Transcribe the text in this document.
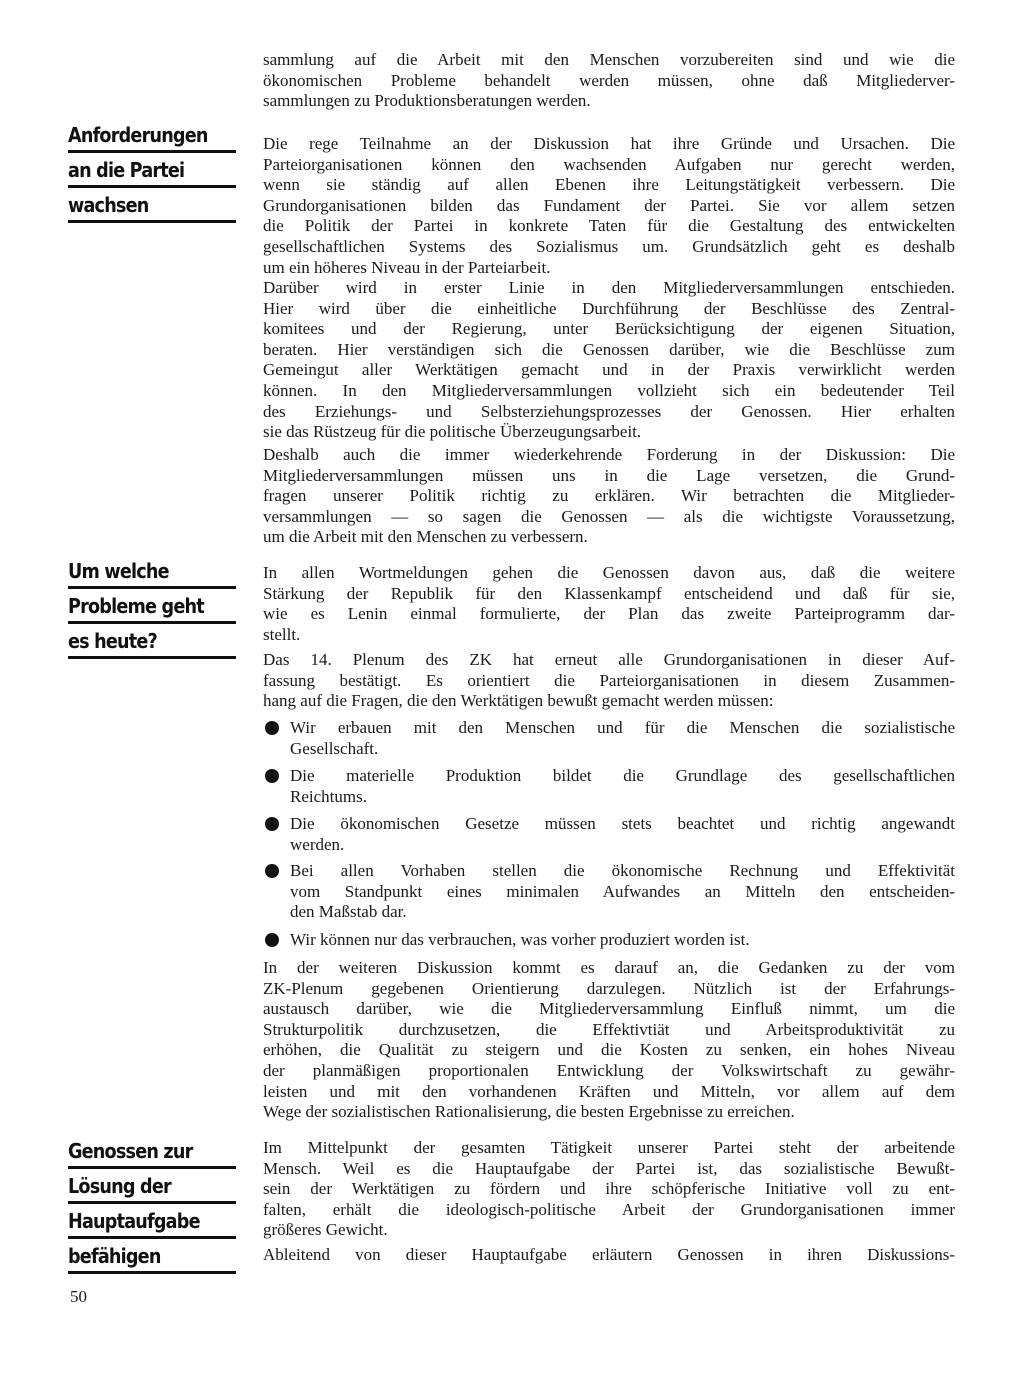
Anforderungen
an die Partei
wachsen
Um welche
Probleme geht
es heute?
Genossen zur
Lösung der
Hauptaufgabe
befähigen
sammlung auf die Arbeit mit den Menschen vorzubereiten sind und wie die
ökonomischen Probleme behandelt werden müssen, ohne daß Mitgliederver-
sammlungen zu Produktionsberatungen werden.
Die rege Teilnahme an der Diskussion hat ihre Gründe und Ursachen. Die
Parteiorganisationen können den wachsenden Aufgaben nur gerecht werden,
wenn sie ständig auf allen Ebenen ihre Leitungstätigkeit verbessern. Die
Grundorganisationen bilden das Fundament der Partei. Sie vor allem setzen
die Politik der Partei in konkrete Taten für die Gestaltung des entwickelten
gesellschaftlichen Systems des Sozialismus um. Grundsätzlich geht es deshalb
um ein höheres Niveau in der Parteiarbeit.
Darüber wird in erster Linie in den Mitgliederversammlungen entschieden.
Hier wird über die einheitliche Durchführung der Beschlüsse des Zentral-
komitees und der Regierung, unter Berücksichtigung der eigenen Situation,
beraten. Hier verständigen sich die Genossen darüber, wie die Beschlüsse zum
Gemeingut aller Werktätigen gemacht und in der Praxis verwirklicht werden
können. In den Mitgliederversammlungen vollzieht sich ein bedeutender Teil
des Erziehungs- und Selbsterziehungsprozesses der Genossen. Hier erhalten
sie das Rüstzeug für die politische Überzeugungsarbeit.
Deshalb auch die immer wiederkehrende Forderung in der Diskussion: Die
Mitgliederversammlungen müssen uns in die Lage versetzen, die Grund-
fragen unserer Politik richtig zu erklären. Wir betrachten die Mitglieder-
versammlungen — so sagen die Genossen — als die wichtigste Voraussetzung,
um die Arbeit mit den Menschen zu verbessern.
In allen Wortmeldungen gehen die Genossen davon aus, daß die weitere
Stärkung der Republik für den Klassenkampf entscheidend und daß für sie,
wie es Lenin einmal formulierte, der Plan das zweite Parteiprogramm dar-
stellt.
Das 14. Plenum des ZK hat erneut alle Grundorganisationen in dieser Auf-
fassung bestätigt. Es orientiert die Parteiorganisationen in diesem Zusammen-
hang auf die Fragen, die den Werktätigen bewußt gemacht werden müssen:
Wir erbauen mit den Menschen und für die Menschen die sozialistische
Gesellschaft.
Die materielle Produktion bildet die Grundlage des gesellschaftlichen
Reichtums.
Die ökonomischen Gesetze müssen stets beachtet und richtig angewandt
werden.
Bei allen Vorhaben stellen die ökonomische Rechnung und Effektivität
vom Standpunkt eines minimalen Aufwandes an Mitteln den entscheiden-
den Maßstab dar.
Wir können nur das verbrauchen, was vorher produziert worden ist.
In der weiteren Diskussion kommt es darauf an, die Gedanken zu der vom
ZK-Plenum gegebenen Orientierung darzulegen. Nützlich ist der Erfahrungs-
austausch darüber, wie die Mitgliederversammlung Einfluß nimmt, um die
Strukturpolitik durchzusetzen, die Effektivtiät und Arbeitsproduktivität zu
erhöhen, die Qualität zu steigern und die Kosten zu senken, ein hohes Niveau
der planmäßigen proportionalen Entwicklung der Volkswirtschaft zu gewähr-
leisten und mit den vorhandenen Kräften und Mitteln, vor allem auf dem
Wege der sozialistischen Rationalisierung, die besten Ergebnisse zu erreichen.
Im Mittelpunkt der gesamten Tätigkeit unserer Partei steht der arbeitende
Mensch. Weil es die Hauptaufgabe der Partei ist, das sozialistische Bewußt-
sein der Werktätigen zu fördern und ihre schöpferische Initiative voll zu ent-
falten, erhält die ideologisch-politische Arbeit der Grundorganisationen immer
größeres Gewicht.
Ableitend von dieser Hauptaufgabe erläutern Genossen in ihren Diskussions-
50
